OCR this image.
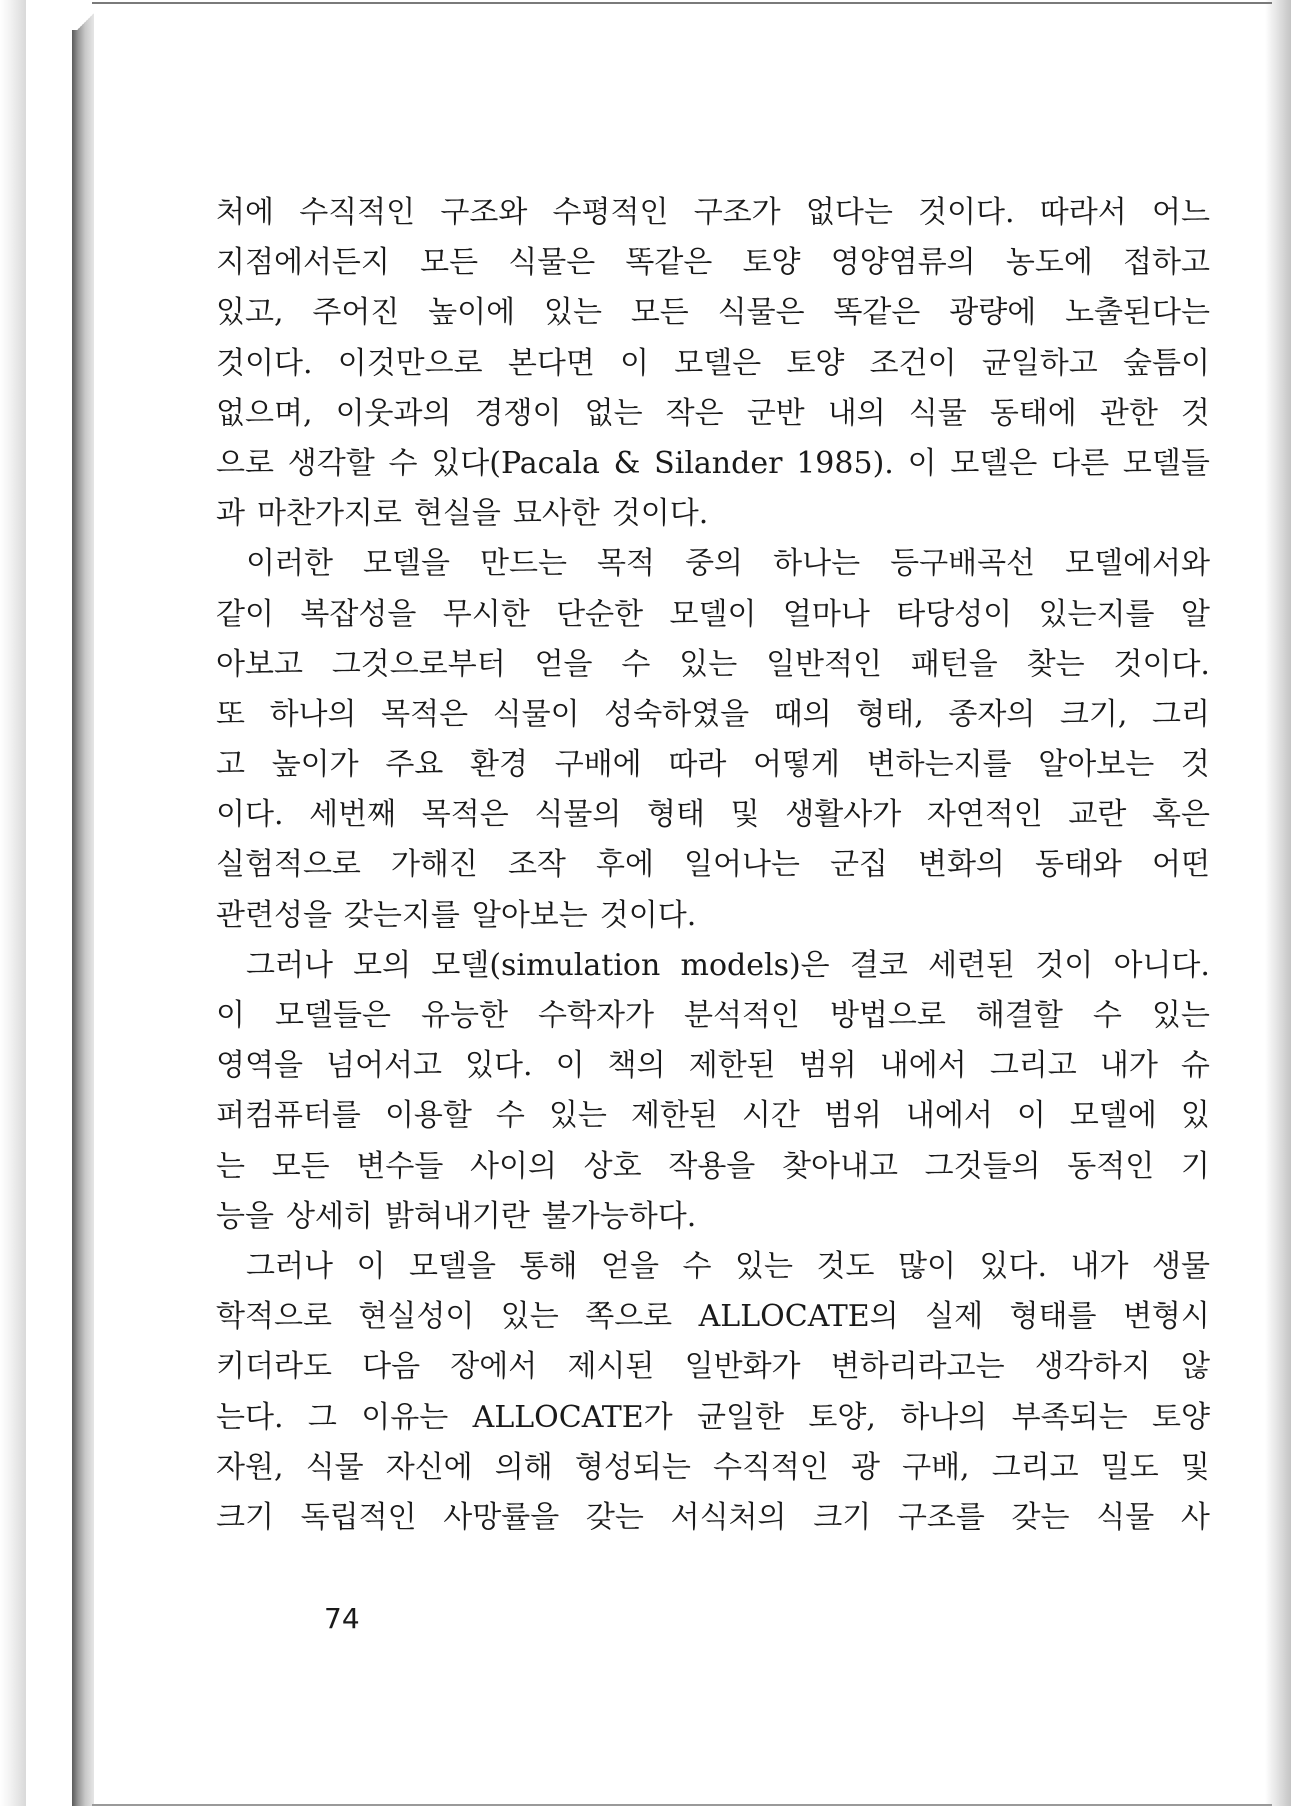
처에 수직적인 구조와 수평적인 구조가 없다는 것이다. 따라서 어느
지점에서든지 모든 식물은 똑같은 토양 영양염류의 농도에 접하고
있고, 주어진 높이에 있는 모든 식물은 똑같은 광량에 노출된다는
것이다. 이것만으로 본다면 이 모델은 토양 조건이 균일하고 숲틈이
없으며, 이웃과의 경쟁이 없는 작은 군반 내의 식물 동태에 관한 것
으로 생각할 수 있다(Pacala & Silander 1985). 이 모델은 다른 모델들
과 마찬가지로 현실을 묘사한 것이다.
이러한 모델을 만드는 목적 중의 하나는 등구배곡선 모델에서와
같이 복잡성을 무시한 단순한 모델이 얼마나 타당성이 있는지를 알
아보고 그것으로부터 얻을 수 있는 일반적인 패턴을 찾는 것이다.
또 하나의 목적은 식물이 성숙하였을 때의 형태, 종자의 크기, 그리
고 높이가 주요 환경 구배에 따라 어떻게 변하는지를 알아보는 것
이다. 세번째 목적은 식물의 형태 및 생활사가 자연적인 교란 혹은
실험적으로 가해진 조작 후에 일어나는 군집 변화의 동태와 어떤
관련성을 갖는지를 알아보는 것이다.
그러나 모의 모델(simulation models)은 결코 세련된 것이 아니다.
이 모델들은 유능한 수학자가 분석적인 방법으로 해결할 수 있는
영역을 넘어서고 있다. 이 책의 제한된 범위 내에서 그리고 내가 슈
퍼컴퓨터를 이용할 수 있는 제한된 시간 범위 내에서 이 모델에 있
는 모든 변수들 사이의 상호 작용을 찾아내고 그것들의 동적인 기
능을 상세히 밝혀내기란 불가능하다.
그러나 이 모델을 통해 얻을 수 있는 것도 많이 있다. 내가 생물
학적으로 현실성이 있는 쪽으로 ALLOCATE의 실제 형태를 변형시
키더라도 다음 장에서 제시된 일반화가 변하리라고는 생각하지 않
는다. 그 이유는 ALLOCATE가 균일한 토양, 하나의 부족되는 토양
자원, 식물 자신에 의해 형성되는 수직적인 광 구배, 그리고 밀도 및
크기 독립적인 사망률을 갖는 서식처의 크기 구조를 갖는 식물 사
74
